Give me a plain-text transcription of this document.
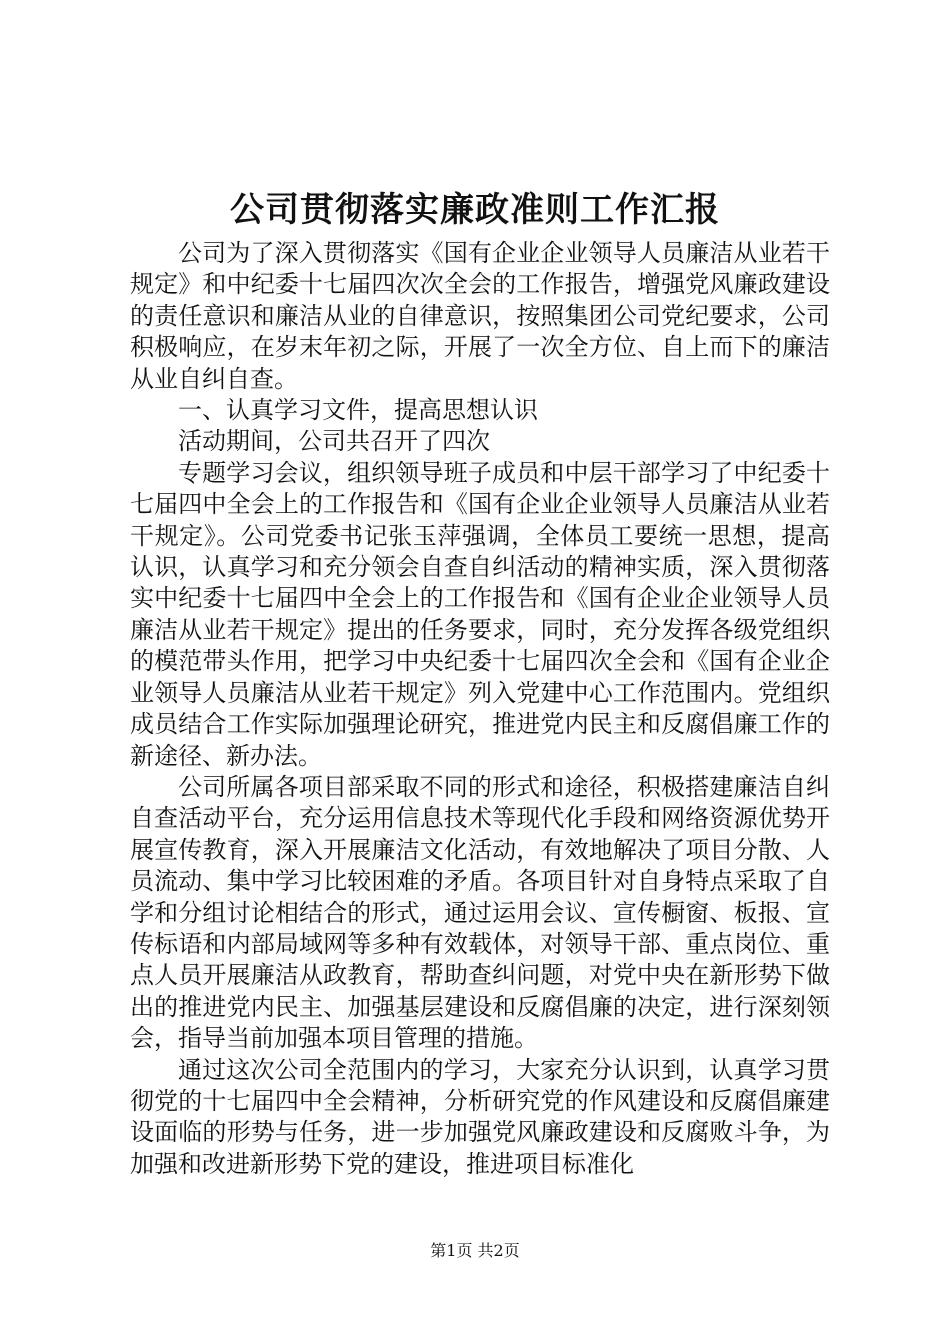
公司贯彻落实廉政准则工作汇报

公司为了深入贯彻落实《国有企业企业领导人员廉洁从业若干规定》和中纪委十七届四次次全会的工作报告，增强党风廉政建设的责任意识和廉洁从业的自律意识，按照集团公司党纪要求，公司积极响应，在岁末年初之际，开展了一次全方位、自上而下的廉洁从业自纠自查。

一、认真学习文件，提高思想认识

活动期间，公司共召开了四次

专题学习会议，组织领导班子成员和中层干部学习了中纪委十七届四中全会上的工作报告和《国有企业企业领导人员廉洁从业若干规定》。公司党委书记张玉萍强调，全体员工要统一思想，提高认识，认真学习和充分领会自查自纠活动的精神实质，深入贯彻落实中纪委十七届四中全会上的工作报告和《国有企业企业领导人员廉洁从业若干规定》提出的任务要求，同时，充分发挥各级党组织的模范带头作用，把学习中央纪委十七届四次全会和《国有企业企业领导人员廉洁从业若干规定》列入党建中心工作范围内。党组织成员结合工作实际加强理论研究，推进党内民主和反腐倡廉工作的新途径、新办法。

公司所属各项目部采取不同的形式和途径，积极搭建廉洁自纠自查活动平台，充分运用信息技术等现代化手段和网络资源优势开展宣传教育，深入开展廉洁文化活动，有效地解决了项目分散、人员流动、集中学习比较困难的矛盾。各项目针对自身特点采取了自学和分组讨论相结合的形式，通过运用会议、宣传橱窗、板报、宣传标语和内部局域网等多种有效载体，对领导干部、重点岗位、重点人员开展廉洁从政教育，帮助查纠问题，对党中央在新形势下做出的推进党内民主、加强基层建设和反腐倡廉的决定，进行深刻领会，指导当前加强本项目管理的措施。

通过这次公司全范围内的学习，大家充分认识到，认真学习贯彻党的十七届四中全会精神，分析研究党的作风建设和反腐倡廉建设面临的形势与任务，进一步加强党风廉政建设和反腐败斗争，为加强和改进新形势下党的建设，推进项目标准化

第1页 共2页
